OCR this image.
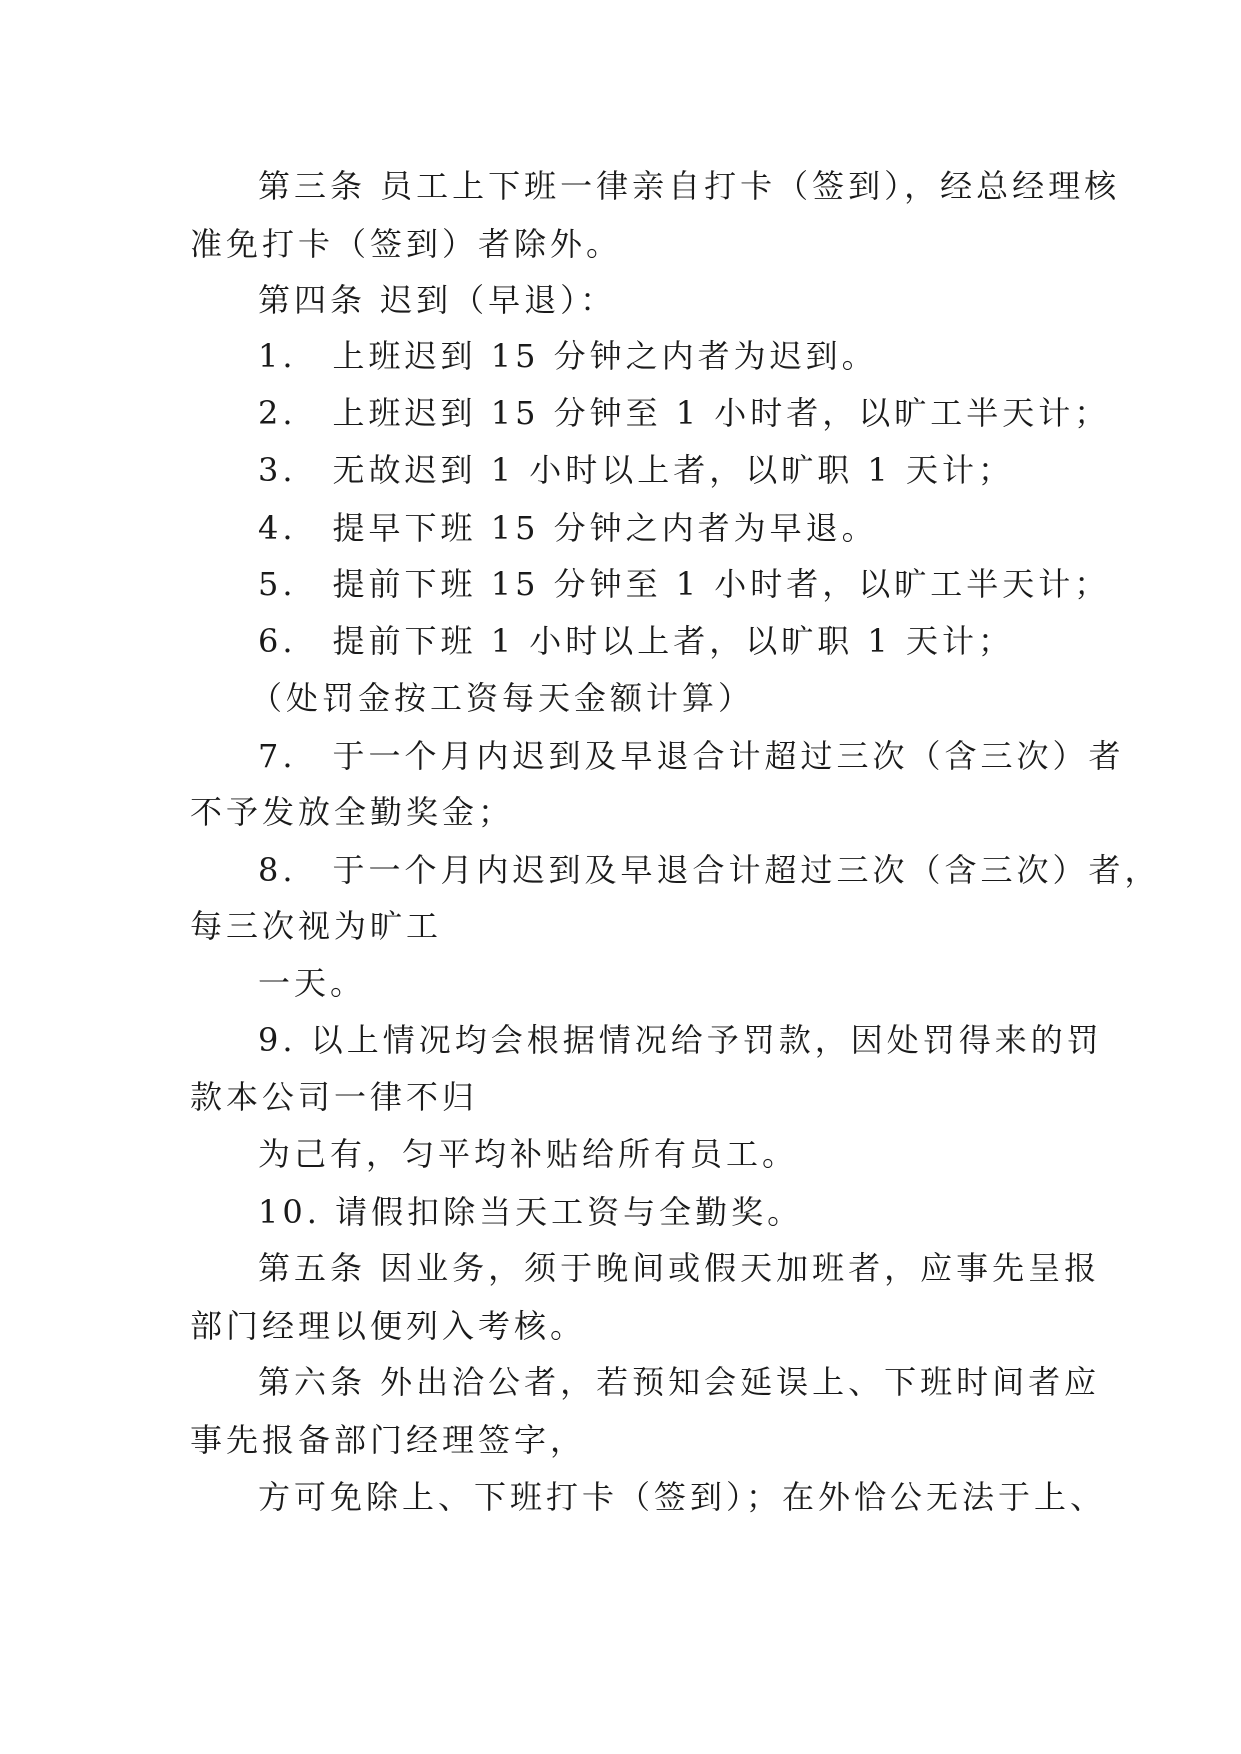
第三条 员工上下班一律亲自打卡（签到），经总经理核
准免打卡（签到）者除外。
第四条 迟到（早退）：
1.　上班迟到 15 分钟之内者为迟到。
2.　上班迟到 15 分钟至 1 小时者，以旷工半天计；
3.　无故迟到 1 小时以上者，以旷职 1 天计；
4.　提早下班 15 分钟之内者为早退。
5.　提前下班 15 分钟至 1 小时者，以旷工半天计；
6.　提前下班 1 小时以上者，以旷职 1 天计；
（处罚金按工资每天金额计算）
7.　于一个月内迟到及早退合计超过三次（含三次）者
不予发放全勤奖金；
8.　于一个月内迟到及早退合计超过三次（含三次）者，
每三次视为旷工
一天。
9. 以上情况均会根据情况给予罚款，因处罚得来的罚
款本公司一律不归
为己有，匀平均补贴给所有员工。
10. 请假扣除当天工资与全勤奖。
第五条 因业务，须于晚间或假天加班者，应事先呈报
部门经理以便列入考核。
第六条 外出洽公者，若预知会延误上、下班时间者应
事先报备部门经理签字，
方可免除上、下班打卡（签到）；在外恰公无法于上、
